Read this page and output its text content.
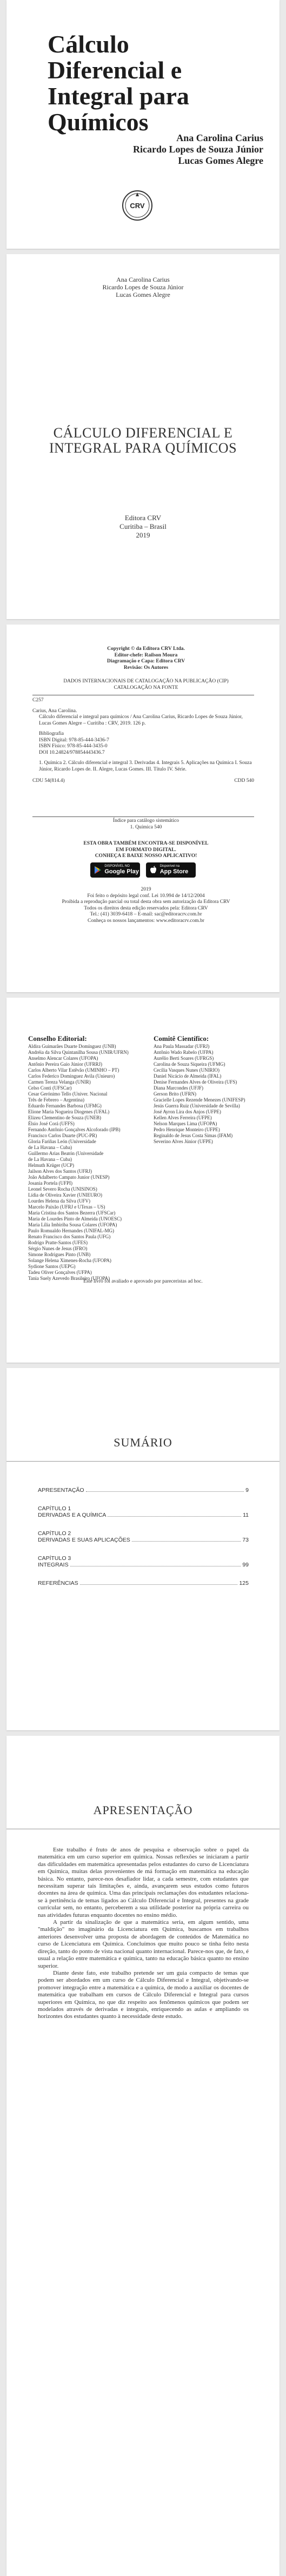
Cálculo
Diferencial e
Integral para
Químicos
Ana Carolina Carius
Ricardo Lopes de Souza Júnior
Lucas Gomes Alegre
CRV
Ana Carolina Carius
Ricardo Lopes de Souza Júnior
Lucas Gomes Alegre
CÁLCULO DIFERENCIAL E
INTEGRAL PARA QUÍMICOS
Editora CRV
Curitiba – Brasil
2019
Copyright © da Editora CRV Ltda.
Editor-chefe: Railson Moura
Diagramação e Capa: Editora CRV
Revisão: Os Autores
DADOS INTERNACIONAIS DE CATALOGAÇÃO NA PUBLICAÇÃO (CIP)
CATALOGAÇÃO NA FONTE
C257
Carius, Ana Carolina.
Cálculo diferencial e integral para químicos / Ana Carolina Carius, Ricardo Lopes de Souza Júnior, Lucas Gomes Alegre – Curitiba : CRV, 2019. 126 p.
Bibliografia
ISBN Digital: 978-85-444-3436-7
ISBN Físico: 978-85-444-3435-0
DOI 10.24824/978854443436.7
1. Química 2. Cálculo diferencial e integral 3. Derivadas 4. Integrais 5. Aplicações na Química I. Souza Júnior, Ricardo Lopes de. II. Alegre, Lucas Gomes. III. Título IV. Série.
CDU 54(814.4)	CDD 540
Índice para catálogo sistemático
1. Química 540
ESTA OBRA TAMBÉM ENCONTRA-SE DISPONÍVEL
EM FORMATO DIGITAL.
CONHEÇA E BAIXE NOSSO APLICATIVO!
DISPONÍVEL NO
Google Play

Disponível na
App Store
2019
Foi feito o depósito legal conf. Lei 10.994 de 14/12/2004
Proibida a reprodução parcial ou total desta obra sem autorização da Editora CRV
Todos os direitos desta edição reservados pela: Editora CRV
Tel.: (41) 3039-6418 – E-mail: sac@editoracrv.com.br
Conheça os nossos lançamentos: www.editoracrv.com.br
Conselho Editorial:
Aldira Guimarães Duarte Domínguez (UNB)
Andréia da Silva Quintanilha Sousa (UNIR/UFRN)
Anselmo Alencar Colares (UFOPA)
Antônio Pereira Gaio Júnior (UFRRJ)
Carlos Alberto Vilar Estêvão (UMINHO – PT)
Carlos Federico Dominguez Avila (Unieuro)
Carmen Tereza Velanga (UNIR)
Celso Conti (UFSCar)
Cesar Gerónimo Tello (Univer. Nacional
Três de Febrero – Argentina)
Eduardo Fernandes Barbosa (UFMG)
Elione Maria Nogueira Diogenes (UFAL)
Elizeu Clementino de Souza (UNEB)
Élsio José Corá (UFFS)
Fernando Antônio Gonçalves Alcoforado (IPB)
Francisco Carlos Duarte (PUC-PR)
Gloria Fariñas León (Universidade
de La Havana – Cuba)
Guillermo Arias Beatón (Universidade
de La Havana – Cuba)
Helmuth Krüger (UCP)
Jailson Alves dos Santos (UFRJ)
João Adalberto Campato Junior (UNESP)
Josania Portela (UFPI)
Leonel Severo Rocha (UNISINOS)
Lídia de Oliveira Xavier (UNIEURO)
Lourdes Helena da Silva (UFV)
Marcelo Paixão (UFRJ e UTexas – US)
Maria Cristina dos Santos Bezerra (UFSCar)
Maria de Lourdes Pinto de Almeida (UNOESC)
Maria Lília Imbiriba Sousa Colares (UFOPA)
Paulo Romualdo Hernandes (UNIFAL-MG)
Renato Francisco dos Santos Paula (UFG)
Rodrigo Pratte-Santos (UFES)
Sérgio Nunes de Jesus (IFRO)
Simone Rodrigues Pinto (UNB)
Solange Helena Ximenes-Rocha (UFOPA)
Sydione Santos (UEPG)
Tadeu Oliver Gonçalves (UFPA)
Tania Suely Azevedo Brasileiro (UFOPA)
Comitê Científico:
Ana Paula Massadar (UFRJ)
Antônio Wado Rabelo (UFPA)
Aurélio Berti Soares (UFRGS)
Carolina de Souza Siqueira (UFMG)
Cecília Vasques Nunes (UNIRIO)
Daniel Nicácio de Almeida (IFAL)
Denise Fernandes Alves de Oliveira (UFS)
Diana Marcondes (UFJF)
Gerson Brito (UFRN)
Gracielle Lopes Rezende Menezes (UNIFESP)
Jesús Guerra Ruiz (Universidade de Sevilla)
José Ayron Lira dos Anjos (UFPE)
Kellen Alves Ferreira (UFPE)
Nelson Marques Lima (UFOPA)
Pedro Henrique Monteiro (UFPE)
Reginaldo de Jesus Costa Simas (IFAM)
Severino Alves Júnior (UFPE)
Este livro foi avaliado e aprovado por pareceristas ad hoc.
SUMÁRIO
APRESENTAÇÃO	9
CAPÍTULO 1
DERIVADAS E A QUÍMICA	11
CAPÍTULO 2
DERIVADAS E SUAS APLICAÇÕES	73
CAPÍTULO 3
INTEGRAIS	99
REFERÊNCIAS	125
APRESENTAÇÃO

Este trabalho é fruto de anos de pesquisa e observação sobre o papel da matemática em um curso superior em química. Nossas reflexões se iniciaram a partir das dificuldades em matemática apresentadas pelos estudantes do curso de Licenciatura em Química, muitas delas provenientes de má formação em matemática na educação básica. No entanto, parece-nos desafiador lidar, a cada semestre, com estudantes que necessitam superar tais limitações e, ainda, avançarem seus estudos como futuros docentes na área de química. Uma das principais reclamações dos estudantes relaciona-se à pertinência de temas ligados ao Cálculo Diferencial e Integral, presentes na grade curricular sem, no entanto, perceberem a sua utilidade posterior na própria carreira ou nas atividades futuras enquanto docentes no ensino médio.

A partir da sinalização de que a matemática seria, em algum sentido, uma "maldição" no imaginário da Licenciatura em Química, buscamos em trabalhos anteriores desenvolver uma proposta de abordagem de conteúdos de Matemática no curso de Licenciatura em Química. Concluímos que muito pouco se tinha feito nesta direção, tanto do ponto de vista nacional quanto internacional. Parece-nos que, de fato, é usual a relação entre matemática e química, tanto na educação básica quanto no ensino superior.

Diante deste fato, este trabalho pretende ser um guia compacto de temas que podem ser abordados em um curso de Cálculo Diferencial e Integral, objetivando-se promover integração entre a matemática e a química, de modo a auxiliar os docentes de matemática que trabalham em cursos de Cálculo Diferencial e Integral para cursos superiores em Química, no que diz respeito aos fenômenos químicos que podem ser modelados através de derivadas e integrais, enriquecendo as aulas e ampliando os horizontes dos estudantes quanto à necessidade deste estudo.
